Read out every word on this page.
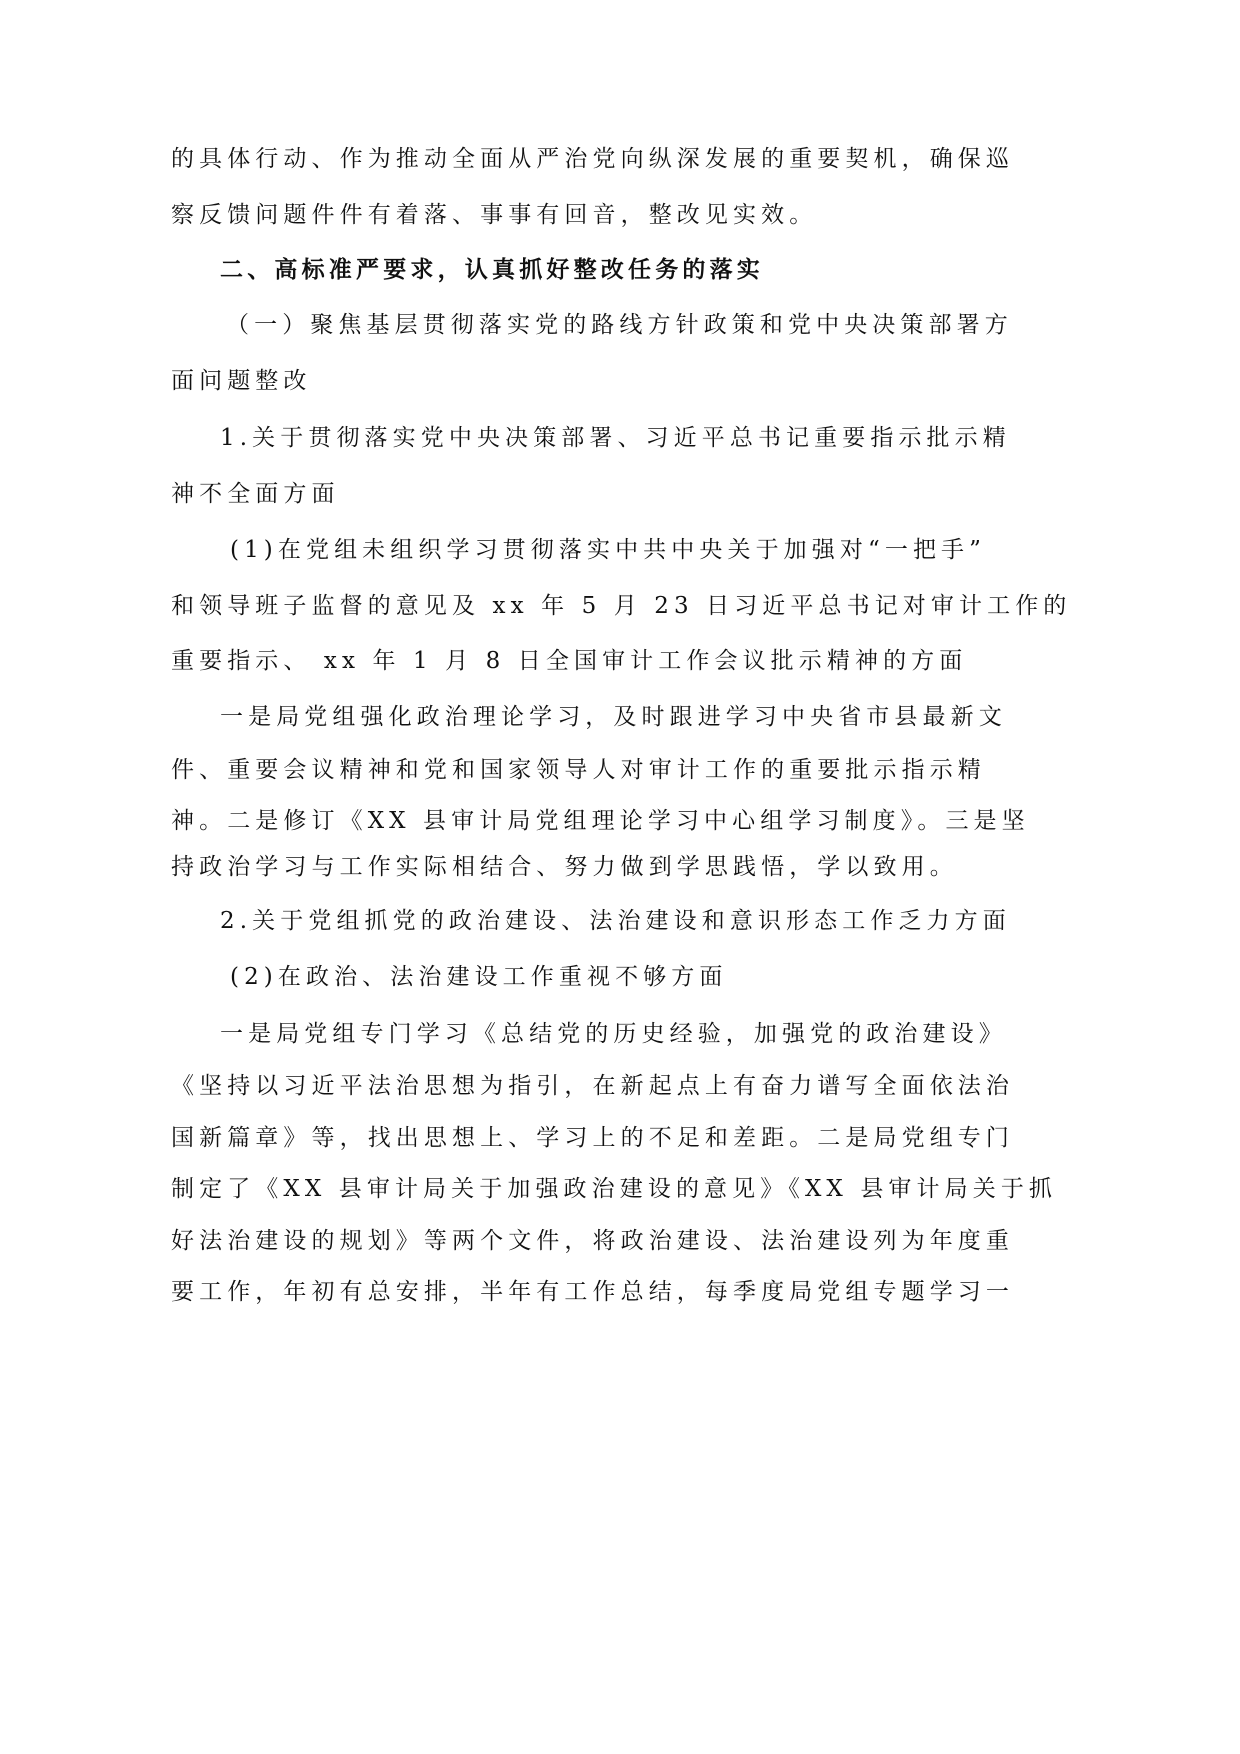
的具体行动、作为推动全面从严治党向纵深发展的重要契机，确保巡
察反馈问题件件有着落、事事有回音，整改见实效。
二、高标准严要求，认真抓好整改任务的落实
（一）聚焦基层贯彻落实党的路线方针政策和党中央决策部署方
面问题整改
1.关于贯彻落实党中央决策部署、习近平总书记重要指示批示精
神不全面方面
(1)在党组未组织学习贯彻落实中共中央关于加强对“一把手”
和领导班子监督的意见及 xx 年 5 月 23 日习近平总书记对审计工作的
重要指示、 xx 年 1 月 8 日全国审计工作会议批示精神的方面
一是局党组强化政治理论学习，及时跟进学习中央省市县最新文
件、重要会议精神和党和国家领导人对审计工作的重要批示指示精
神。二是修订《XX 县审计局党组理论学习中心组学习制度》。三是坚
持政治学习与工作实际相结合、努力做到学思践悟，学以致用。
2.关于党组抓党的政治建设、法治建设和意识形态工作乏力方面
(2)在政治、法治建设工作重视不够方面
一是局党组专门学习《总结党的历史经验，加强党的政治建设》
《坚持以习近平法治思想为指引，在新起点上有奋力谱写全面依法治
国新篇章》等，找出思想上、学习上的不足和差距。二是局党组专门
制定了《XX 县审计局关于加强政治建设的意见》《XX 县审计局关于抓
好法治建设的规划》等两个文件，将政治建设、法治建设列为年度重
要工作，年初有总安排，半年有工作总结，每季度局党组专题学习一
